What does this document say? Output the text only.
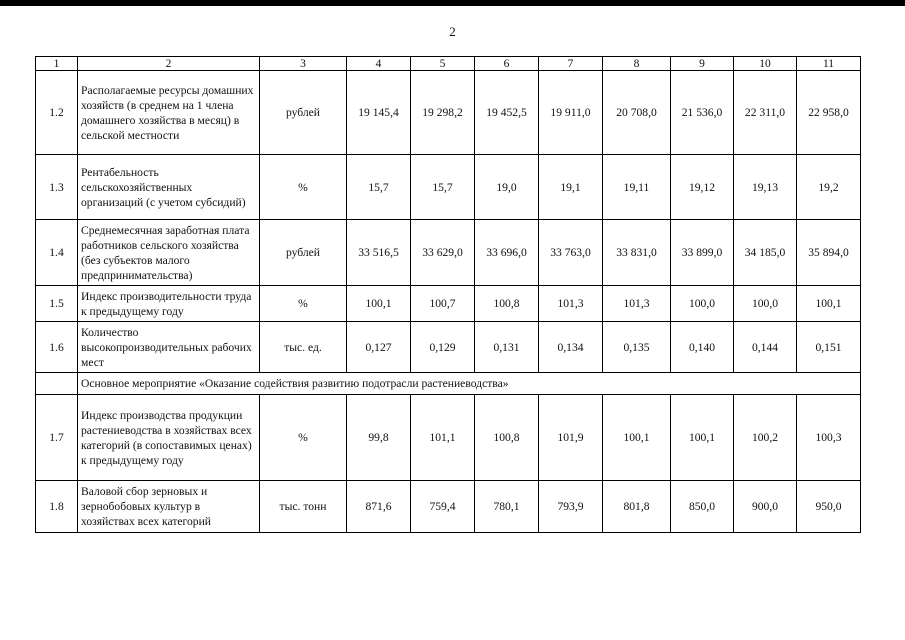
2
1	2	3	4	5	6	7	8	9	10	11
1.2	Располагаемые ресурсы домашних хозяйств (в среднем на 1 члена домашнего хозяйства в месяц) в сельской местности	рублей	19 145,4	19 298,2	19 452,5	19 911,0	20 708,0	21 536,0	22 311,0	22 958,0
1.3	Рентабельность сельскохозяйственных организаций (с учетом субсидий)	%	15,7	15,7	19,0	19,1	19,11	19,12	19,13	19,2
1.4	Среднемесячная заработная плата работников сельского хозяйства (без субъектов малого предпринимательства)	рублей	33 516,5	33 629,0	33 696,0	33 763,0	33 831,0	33 899,0	34 185,0	35 894,0
1.5	Индекс производительности труда к предыдущему году	%	100,1	100,7	100,8	101,3	101,3	100,0	100,0	100,1
1.6	Количество высокопроизводительных рабочих мест	тыс. ед.	0,127	0,129	0,131	0,134	0,135	0,140	0,144	0,151
	Основное мероприятие «Оказание содействия развитию подотрасли растениеводства»									
1.7	Индекс производства продукции растениеводства в хозяйствах всех категорий (в сопоставимых ценах) к предыдущему году	%	99,8	101,1	100,8	101,9	100,1	100,1	100,2	100,3
1.8	Валовой сбор зерновых и зернобобовых культур в хозяйствах всех категорий	тыс. тонн	871,6	759,4	780,1	793,9	801,8	850,0	900,0	950,0
